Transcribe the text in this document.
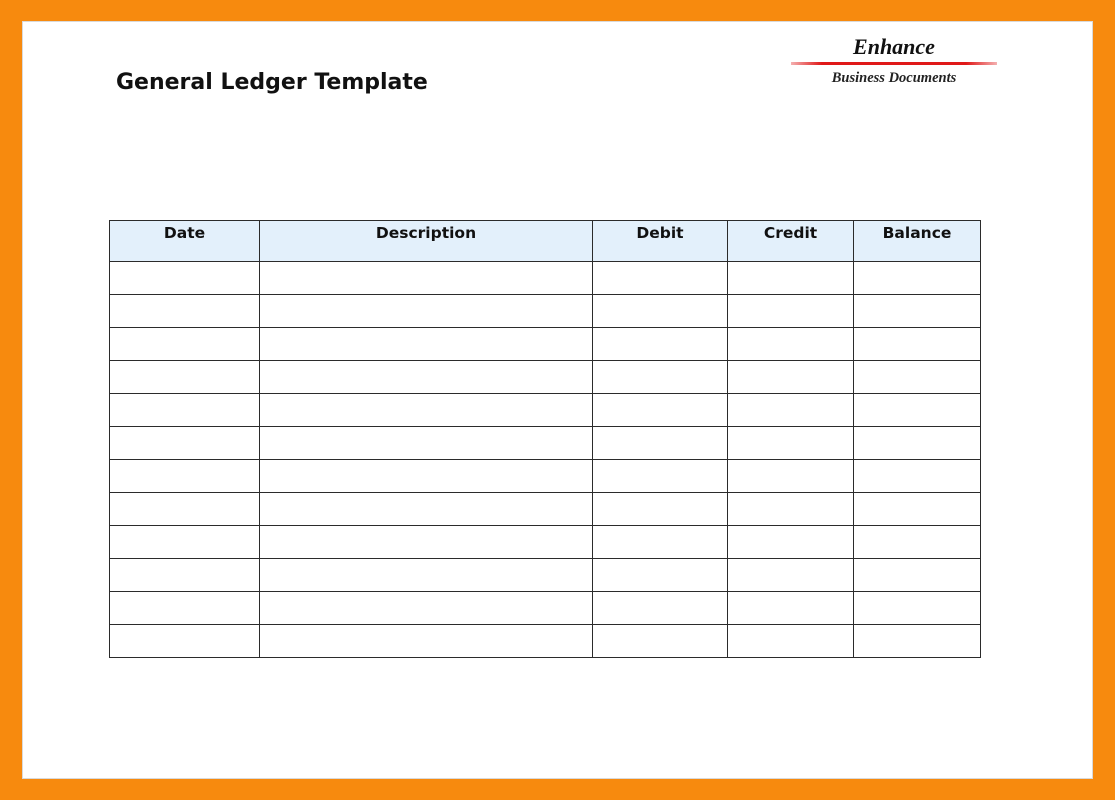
General Ledger Template
Enhance
Business Documents
Date	Description	Debit	Credit	Balance
